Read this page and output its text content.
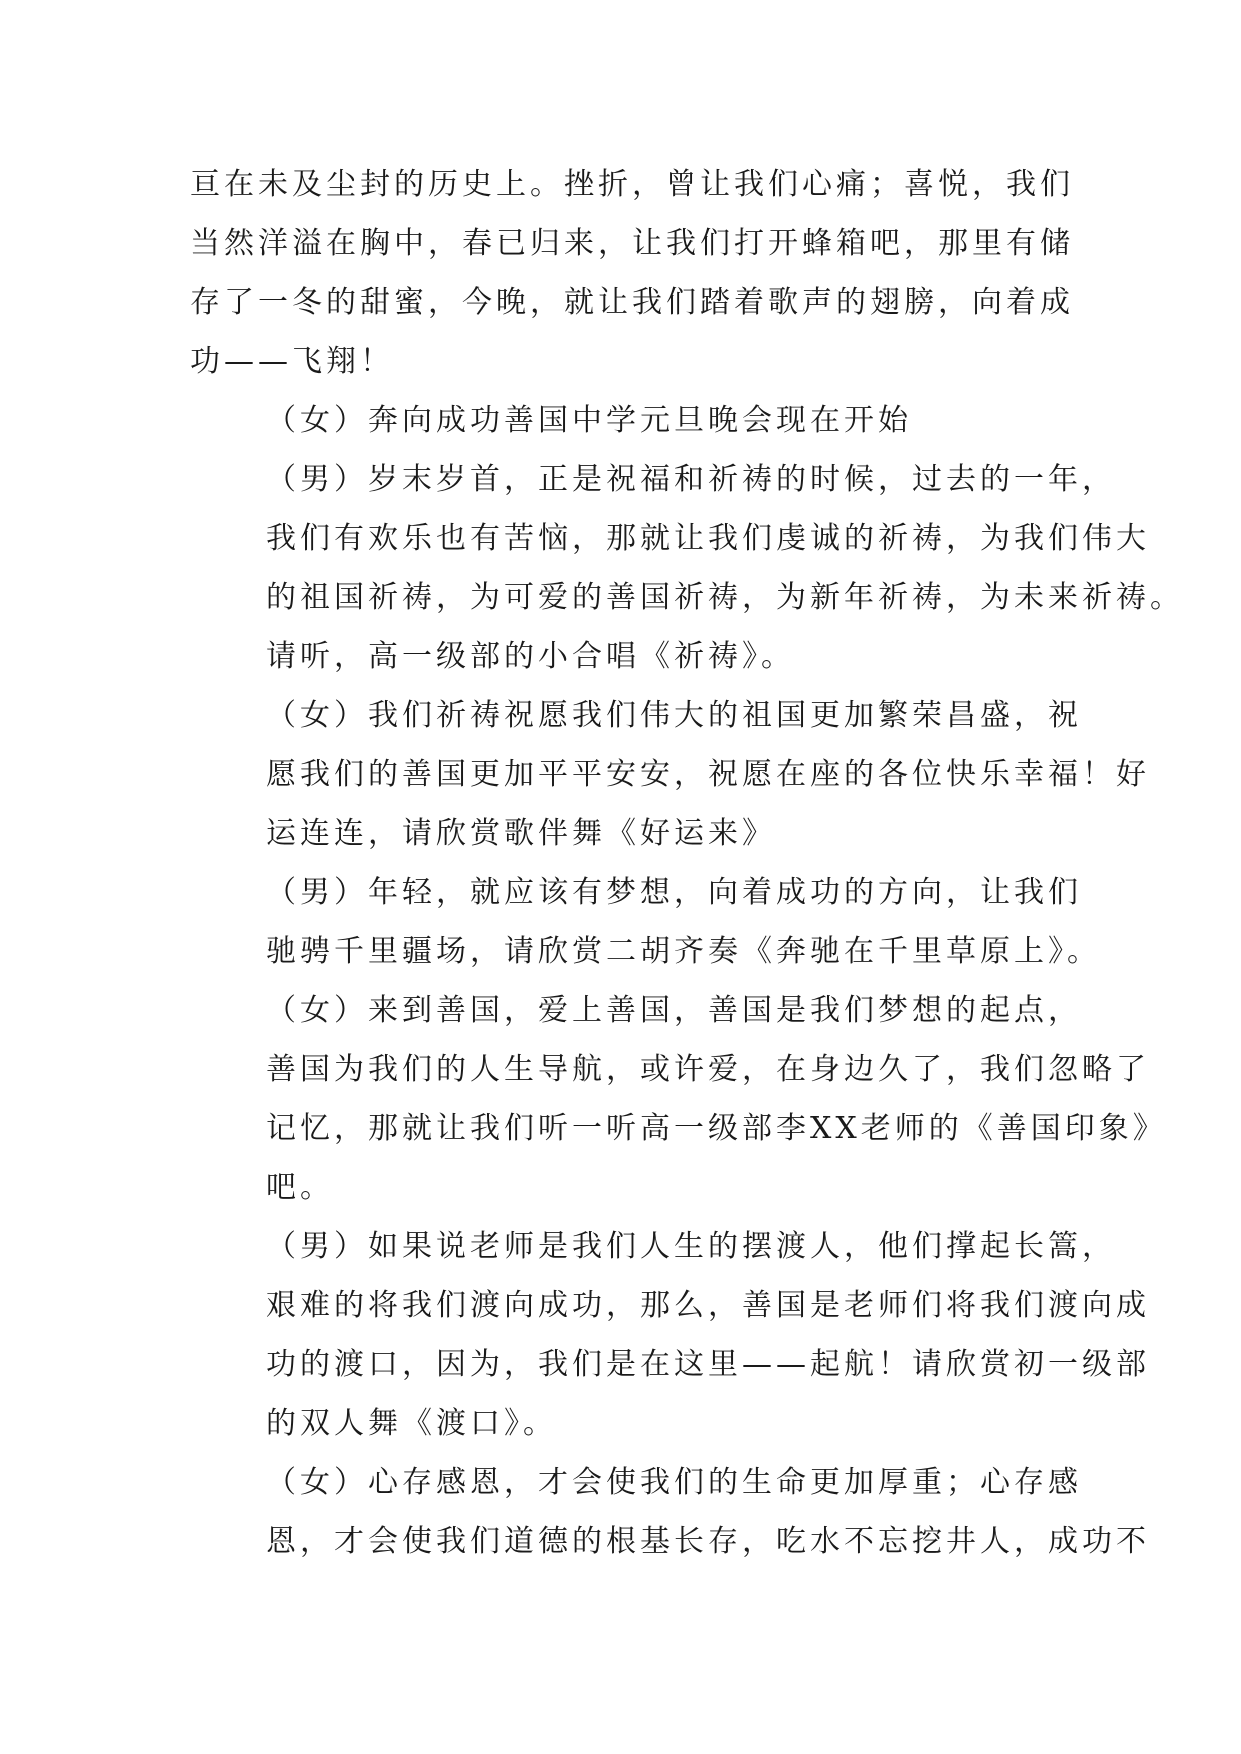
亘在未及尘封的历史上。挫折，曾让我们心痛；喜悦，我们
当然洋溢在胸中，春已归来，让我们打开蜂箱吧，那里有储
存了一冬的甜蜜，今晚，就让我们踏着歌声的翅膀，向着成
功——飞翔！
（女）奔向成功善国中学元旦晚会现在开始
（男）岁末岁首，正是祝福和祈祷的时候，过去的一年，
我们有欢乐也有苦恼，那就让我们虔诚的祈祷，为我们伟大
的祖国祈祷，为可爱的善国祈祷，为新年祈祷，为未来祈祷。
请听，高一级部的小合唱《祈祷》。
（女）我们祈祷祝愿我们伟大的祖国更加繁荣昌盛，祝
愿我们的善国更加平平安安，祝愿在座的各位快乐幸福！好
运连连，请欣赏歌伴舞《好运来》
（男）年轻，就应该有梦想，向着成功的方向，让我们
驰骋千里疆场，请欣赏二胡齐奏《奔驰在千里草原上》。
（女）来到善国，爱上善国，善国是我们梦想的起点，
善国为我们的人生导航，或许爱，在身边久了，我们忽略了
记忆，那就让我们听一听高一级部李XX老师的《善国印象》
吧。
（男）如果说老师是我们人生的摆渡人，他们撑起长篙，
艰难的将我们渡向成功，那么，善国是老师们将我们渡向成
功的渡口，因为，我们是在这里——起航！请欣赏初一级部
的双人舞《渡口》。
（女）心存感恩，才会使我们的生命更加厚重；心存感
恩，才会使我们道德的根基长存，吃水不忘挖井人，成功不
